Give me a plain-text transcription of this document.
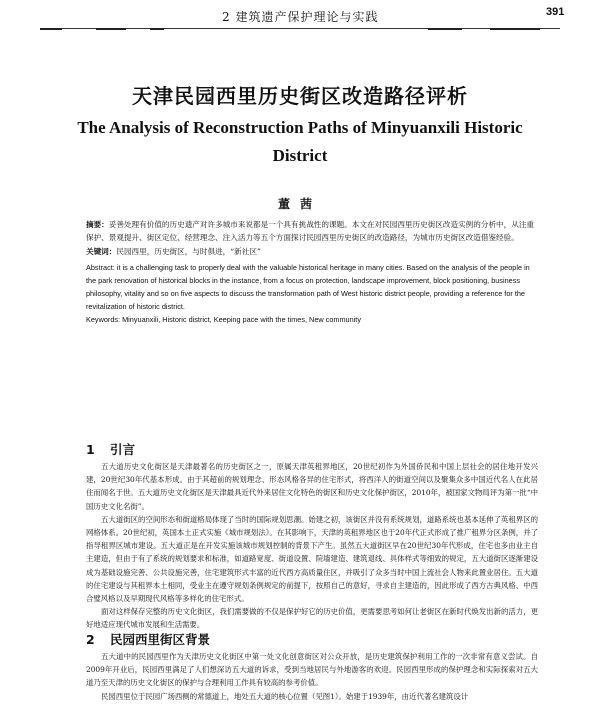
2 建筑遗产保护理论与实践	391
天津民园西里历史街区改造路径评析
The Analysis of Reconstruction Paths of Minyuanxili Historic District
董茜

摘要：妥善处理有价值的历史遗产对许多城市来说都是一个具有挑战性的课题。本文在对民园西里历史街区改造实例的分析中，从注重保护、景观提升、街区定位、经营理念、注入活力等五个方面探讨民园西里历史街区的改造路径，为城市历史街区改造借鉴经验。

关键词：民园西里，历史街区，与时俱进，“新社区”

Abstract: it is a challenging task to properly deal with the valuable historical heritage in many cities. Based on the analysis of the people in the park renovation of historical blocks in the instance, from a focus on protection, landscape improvement, block positioning, business philosophy, vitality and so on five aspects to discuss the transformation path of West historic district people, providing a reference for the revitalization of historic district.

Keywords: Minyuanxili, Historic district, Keeping pace with the times, New community

1 引言

五大道历史文化街区是天津最著名的历史街区之一，原属天津英租界地区，20世纪初作为外国侨民和中国上层社会的居住地开发兴建，20世纪30年代基本形成。由于其超前的规划理念、形态风格各异的住宅形式，将西洋人的街道空间以及聚集众多中国近代名人在此居住而闻名于世。五大道历史文化街区是天津最具近代外来居住文化特色的街区和历史文化保护街区，2010年，被国家文物局评为第一批“中国历史文化名街”。

五大道街区的空间形态和街道格局体现了当时的国际规划思潮。始建之初，该街区并没有系统规划，道路系统也基本延伸了英租界区的网格体系。20世纪初，英国本土正式实施《城市规划法》。在其影响下，天津的英租界地区也于20年代正式形成了推广租界分区条例，并了指导租界区城市建设。五大道正是在开发实施该城市规划控制的背景下产生。虽然五大道街区早在20世纪30年代形成，住宅也多由业主自主建造，但由于有了系统的规划要求和标准，如道路宽度、街道设置、院墙建造、建筑退线、具体样式等细致的规定，五大道街区逐渐建设成为基础设施完善、公共设施完善，住宅建筑形式丰富的近代西方高质量住区，并吸引了众多当时中国上流社会人物来此置业居住。五大道的住宅建设与其租界本土相同，受业主在遵守规划条例规定的前提下，按照自己的意好，寻求自主建造的，因此形成了西方古典风格、中西合璧风格以及早期现代风格等多样化的住宅形式。

面对这样保存完整的历史文化街区，我们需要做的不仅是保护好它的历史价值，更需要思考如何让老街区在新时代焕发出新的活力，更好地适应现代城市发展和生活需要。

2 民园西里街区背景

五大道中的民园西里作为天津历史文化街区中第一处文化创意街区对公众开放，是历史建筑保护利用工作的一次非常有意义尝试。自2009年开业后，民园西里满足了人们想深访五大道的诉求，受到当地居民与外地游客的欢迎。民园西里形成的保护理念和实际探索对五大道乃至天津的历史文化街区的保护与合理利用工作具有较高的参考价值。

民园西里位于民园广场西侧的常德道上，地处五大道的核心位置（见图1）。始建于1939年，由近代著名建筑设计
